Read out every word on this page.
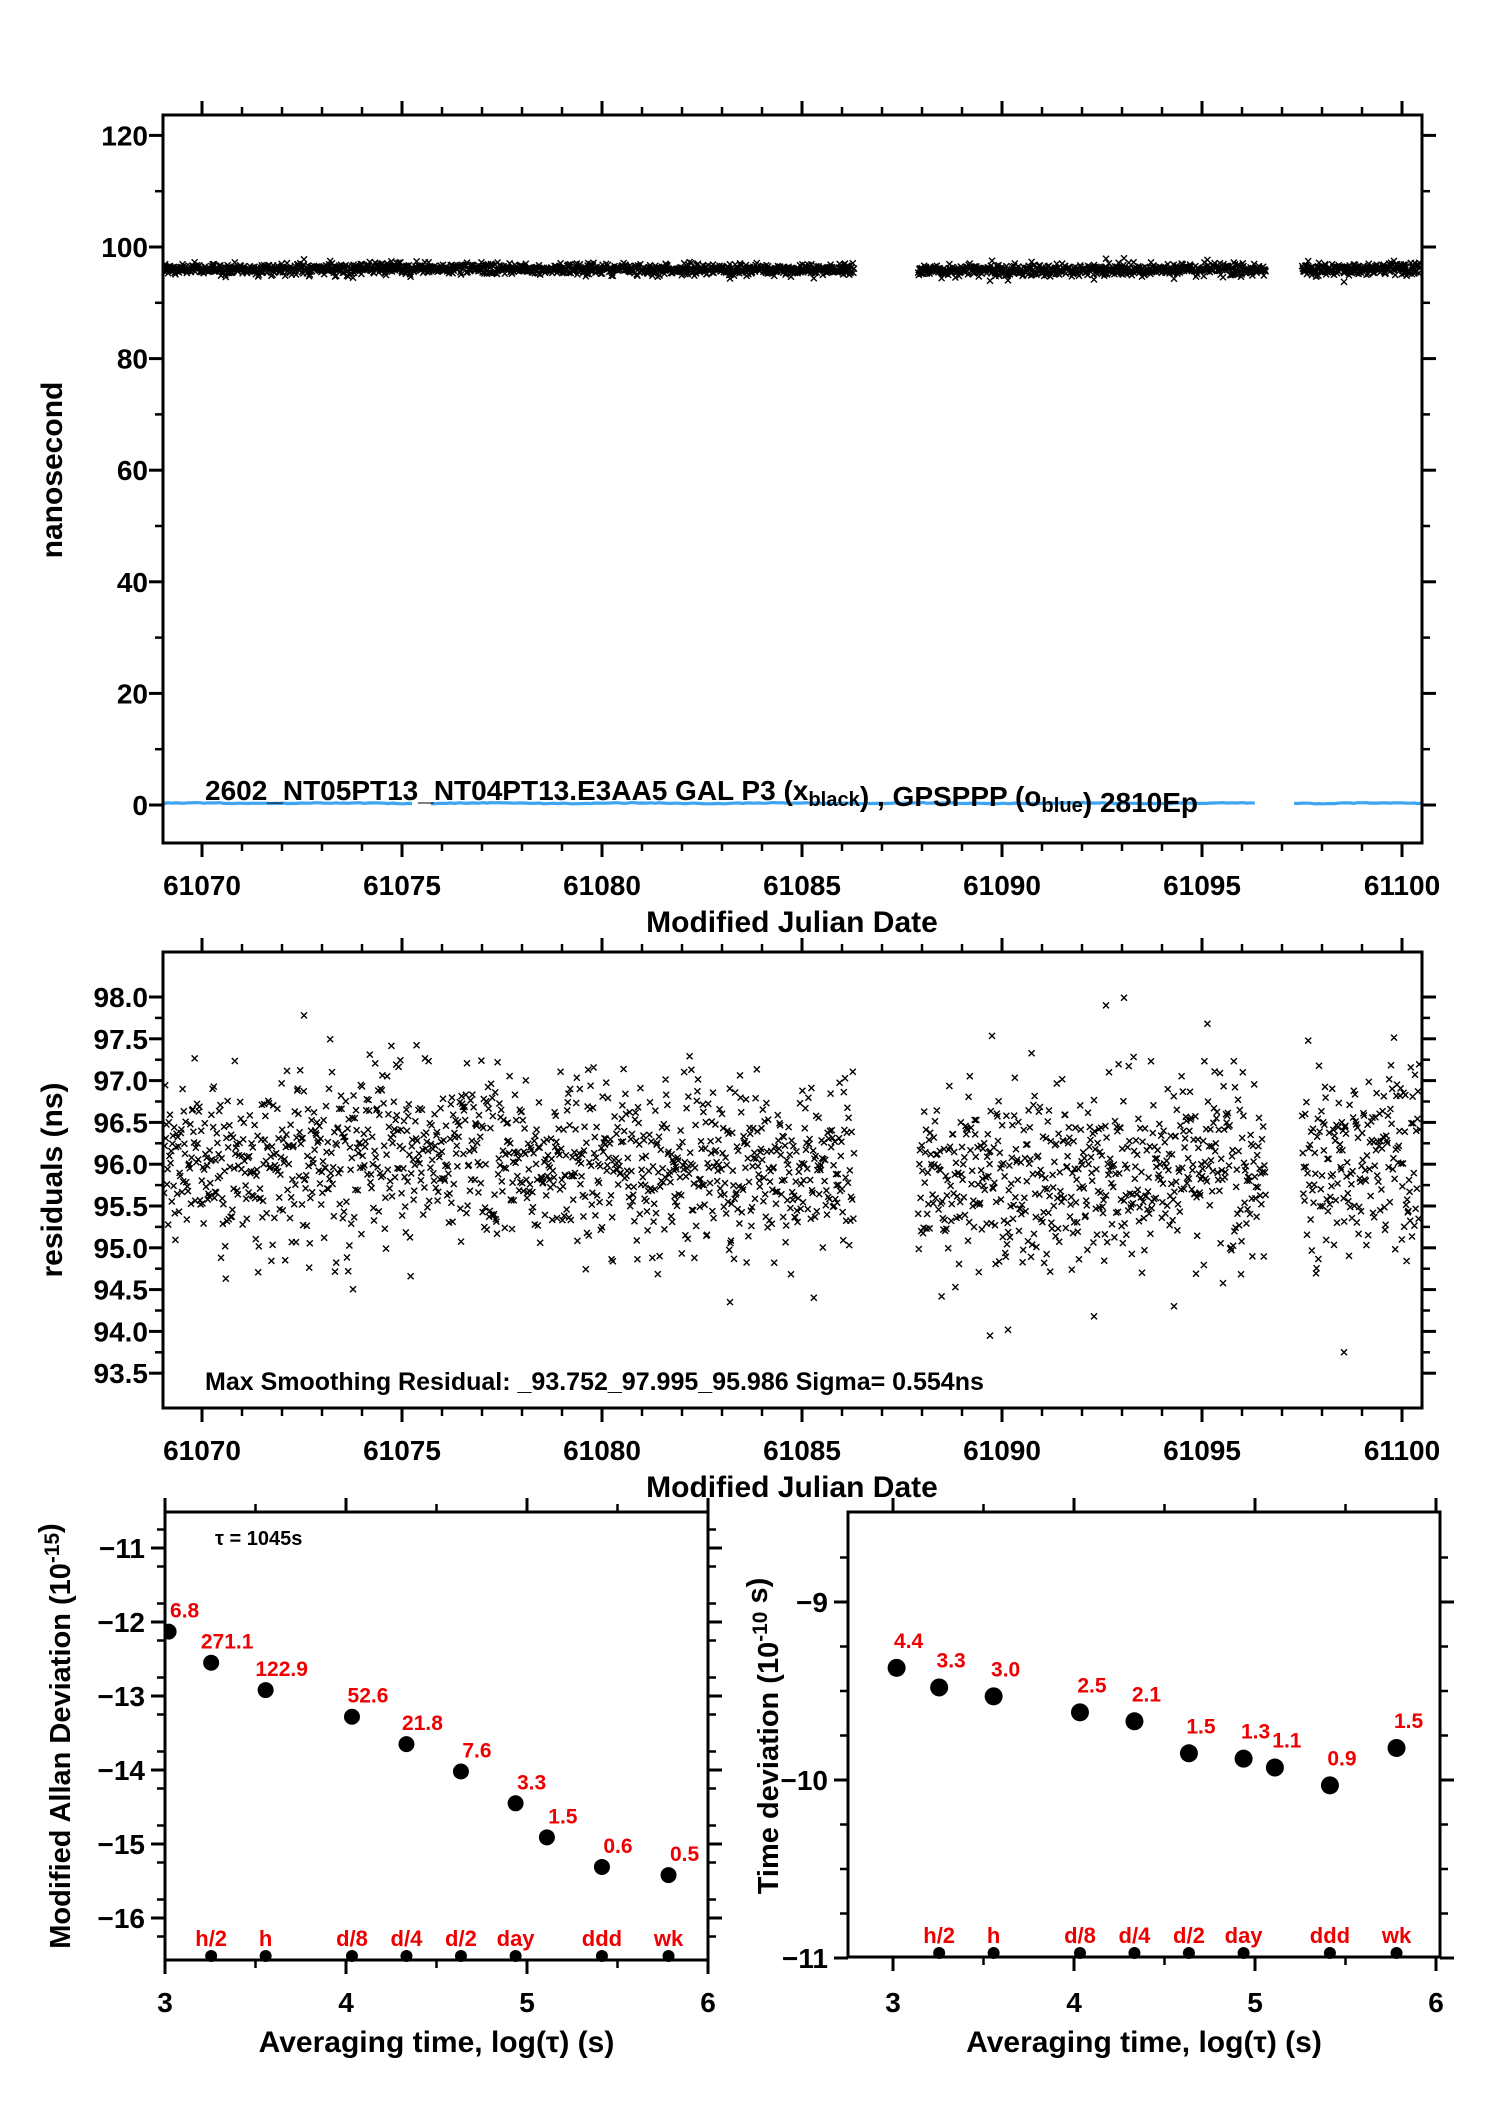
0
20
40
60
80
100
120
61070	61075	61080	61085	61090	61095	61100
Modified Julian Date
nanosecond
2602_NT05PT13_NT04PT13.E3AA5 GAL P3 $(x_{black})$ , GPSPPP $(o_{blue})$ 2810Ep
98.0
97.5
97.0
96.5
96.0
95.5
95.0
94.5
94.0
93.5
61070	61075	61080	61085	61090	61095	61100
Modified Julian Date
residuals (ns)
Max Smoothing Residual: _93.752_97.995_95.986 Sigma= 0.554ns
6.8
271.1
122.9
52.6
21.8
7.6
3.3
1.5
0.6 0.5
h/2 h	d/8 d/4 d/2 day ddd wk
3	4	5	6
−11
−12
−13
−14
−15
−16
Averaging time, log(τ) (s)
Modified Allan Deviation $(10^{-15})$	τ = 1045s
4.4
3.3 3.0
2.5 2.1
1.5 1.3 1.1
0.9
1.5
h/2 h	d/8 d/4 d/2 day ddd wk
3	4	5	6
−9
−10
−11
Averaging time, log(τ) (s)
Time deviation ($10^{-10}$ s)
